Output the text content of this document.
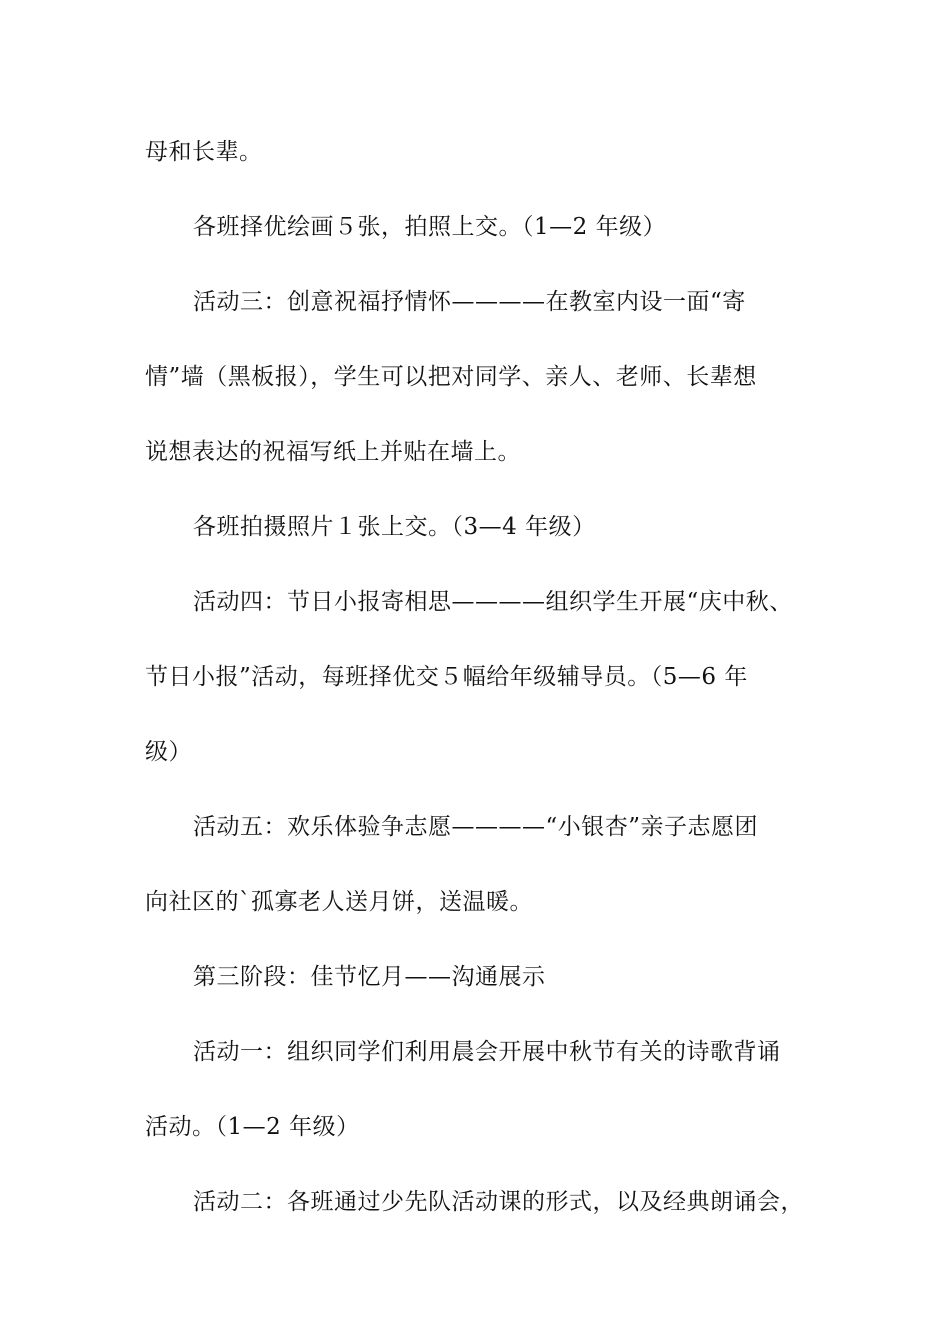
母和长辈。
各班择优绘画５张，拍照上交。（1—2 年级）
活动三：创意祝福抒情怀————在教室内设一面“寄
情”墙（黑板报），学生可以把对同学、亲人、老师、长辈想
说想表达的祝福写纸上并贴在墙上。
各班拍摄照片１张上交。（3—4 年级）
活动四：节日小报寄相思————组织学生开展“庆中秋、
节日小报”活动，每班择优交５幅给年级辅导员。（5—6 年
级）
活动五：欢乐体验争志愿————“小银杏”亲子志愿团
向社区的`孤寡老人送月饼，送温暖。
第三阶段：佳节忆月——沟通展示
活动一：组织同学们利用晨会开展中秋节有关的诗歌背诵
活动。（1—2 年级）
活动二：各班通过少先队活动课的形式，以及经典朗诵会，
